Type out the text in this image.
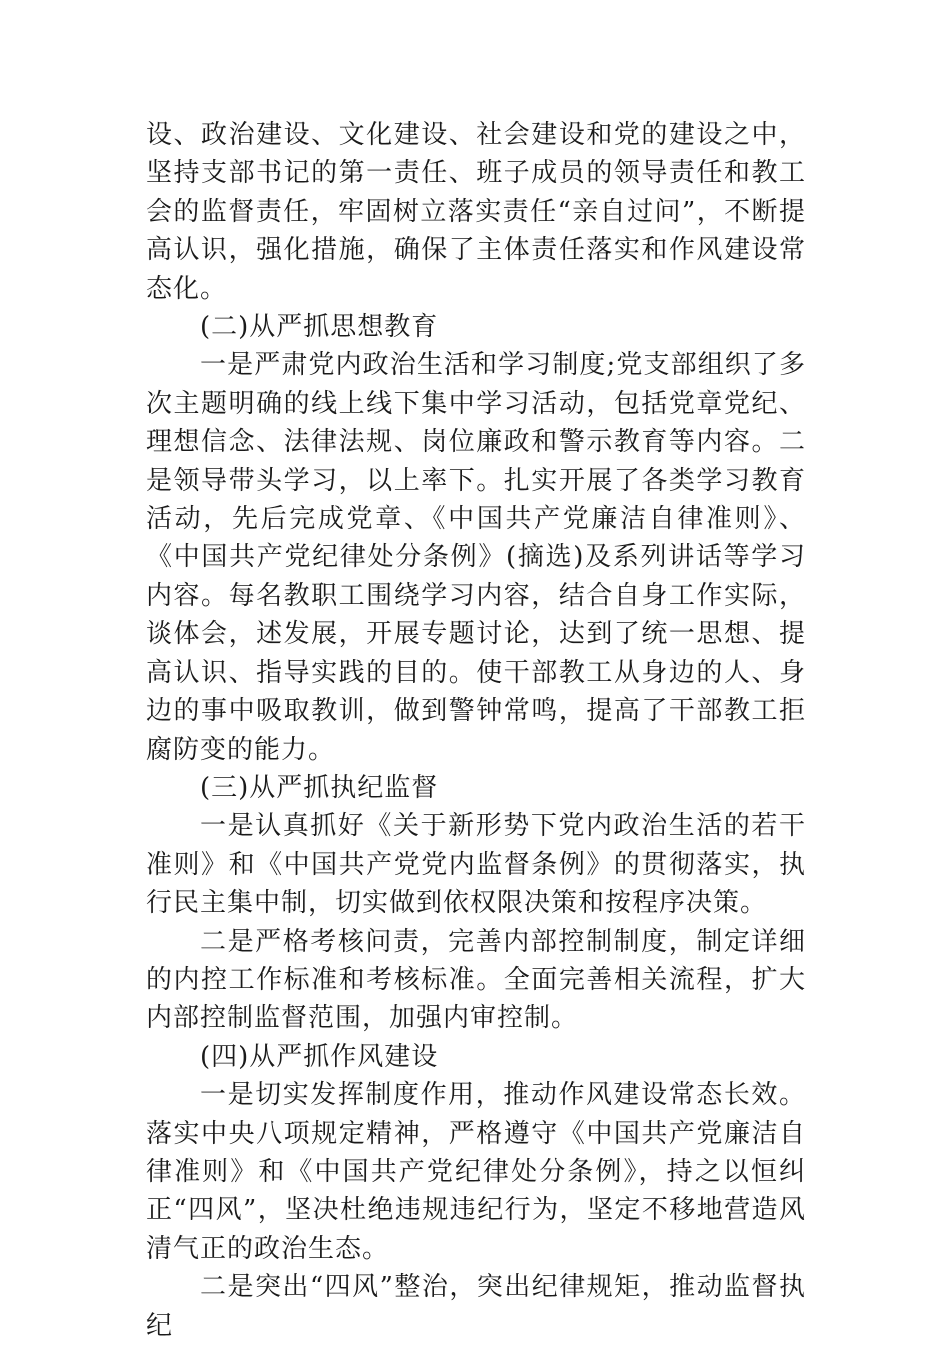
设、政治建设、文化建设、社会建设和党的建设之中，坚持支部书记的第一责任、班子成员的领导责任和教工会的监督责任，牢固树立落实责任“亲自过问”，不断提高认识，强化措施，确保了主体责任落实和作风建设常态化。

(二)从严抓思想教育

一是严肃党内政治生活和学习制度;党支部组织了多次主题明确的线上线下集中学习活动，包括党章党纪、理想信念、法律法规、岗位廉政和警示教育等内容。二是领导带头学习，以上率下。扎实开展了各类学习教育活动，先后完成党章、《中国共产党廉洁自律准则》、《中国共产党纪律处分条例》(摘选)及系列讲话等学习内容。每名教职工围绕学习内容，结合自身工作实际，谈体会，述发展，开展专题讨论，达到了统一思想、提高认识、指导实践的目的。使干部教工从身边的人、身边的事中吸取教训，做到警钟常鸣，提高了干部教工拒腐防变的能力。

(三)从严抓执纪监督

一是认真抓好《关于新形势下党内政治生活的若干准则》和《中国共产党党内监督条例》的贯彻落实，执行民主集中制，切实做到依权限决策和按程序决策。

二是严格考核问责，完善内部控制制度，制定详细的内控工作标准和考核标准。全面完善相关流程，扩大内部控制监督范围，加强内审控制。

(四)从严抓作风建设

一是切实发挥制度作用，推动作风建设常态长效。落实中央八项规定精神，严格遵守《中国共产党廉洁自律准则》和《中国共产党纪律处分条例》，持之以恒纠正“四风”，坚决杜绝违规违纪行为，坚定不移地营造风清气正的政治生态。

二是突出“四风”整治，突出纪律规矩，推动监督执纪
